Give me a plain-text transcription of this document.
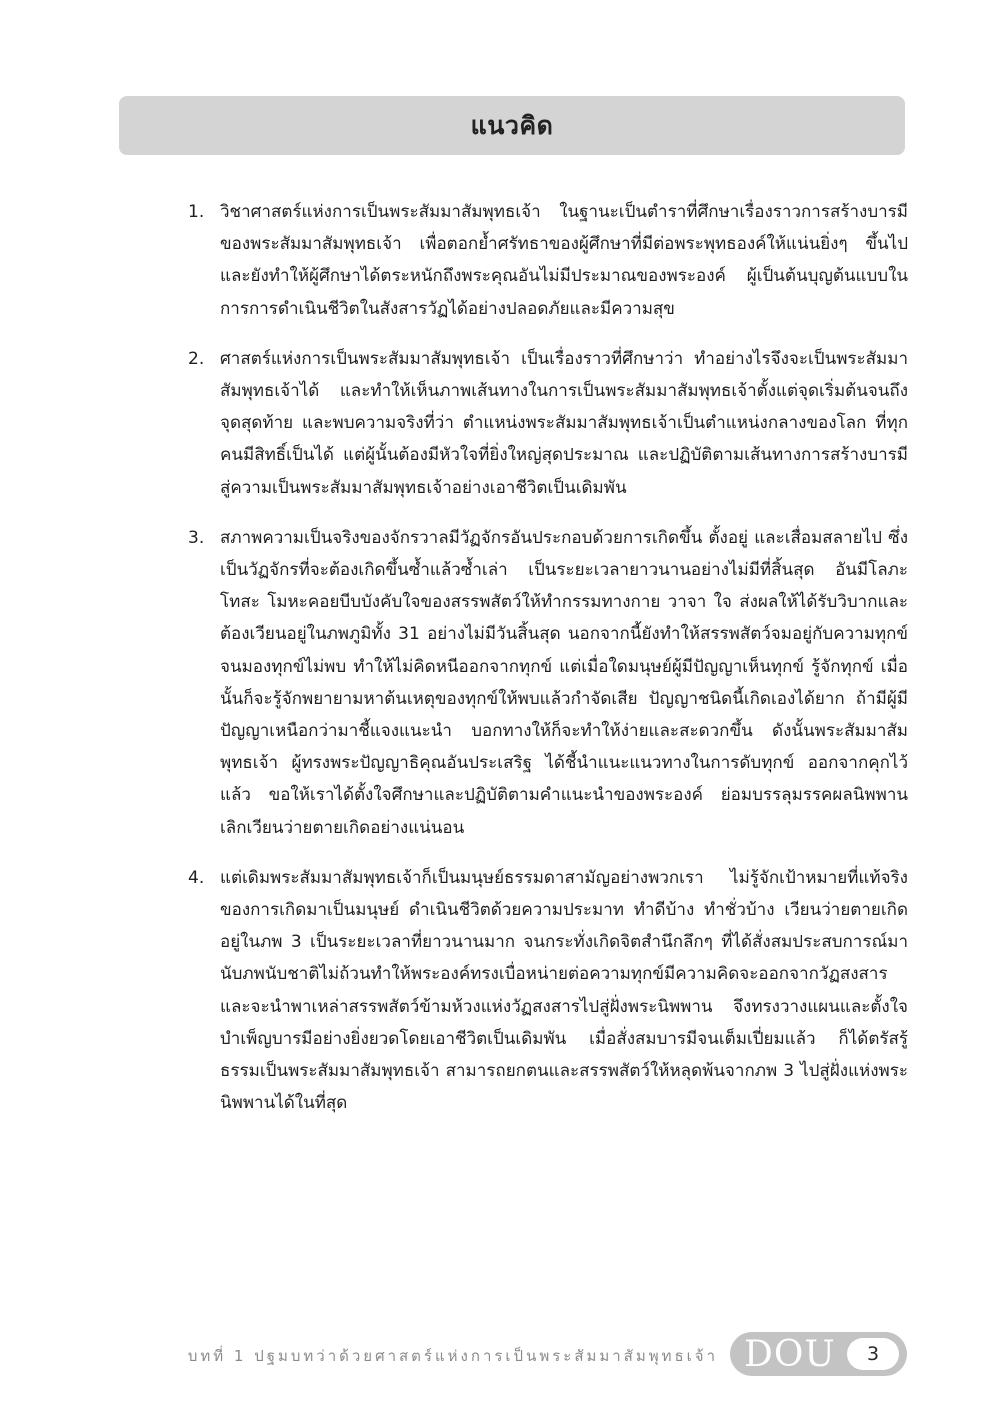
แนวคิด
1. วิชาศาสตร์แห่งการเป็นพระสัมมาสัมพุทธเจ้า ในฐานะเป็นตำราที่ศึกษาเรื่องราวการสร้างบารมีของพระสัมมาสัมพุทธเจ้า เพื่อตอกย้ำศรัทธาของผู้ศึกษาที่มีต่อพระพุทธองค์ให้แน่นยิ่งๆ ขึ้นไป และยังทำให้ผู้ศึกษาได้ตระหนักถึงพระคุณอันไม่มีประมาณของพระองค์ ผู้เป็นต้นบุญต้นแบบในการการดำเนินชีวิตในสังสารวัฏได้อย่างปลอดภัยและมีความสุข
2. ศาสตร์แห่งการเป็นพระสัมมาสัมพุทธเจ้า เป็นเรื่องราวที่ศึกษาว่า ทำอย่างไรจึงจะเป็นพระสัมมาสัมพุทธเจ้าได้ และทำให้เห็นภาพเส้นทางในการเป็นพระสัมมาสัมพุทธเจ้าตั้งแต่จุดเริ่มต้นจนถึงจุดสุดท้าย และพบความจริงที่ว่า ตำแหน่งพระสัมมาสัมพุทธเจ้าเป็นตำแหน่งกลางของโลก ที่ทุกคนมีสิทธิ์เป็นได้ แต่ผู้นั้นต้องมีหัวใจที่ยิ่งใหญ่สุดประมาณ และปฏิบัติตามเส้นทางการสร้างบารมีสู่ความเป็นพระสัมมาสัมพุทธเจ้าอย่างเอาชีวิตเป็นเดิมพัน
3. สภาพความเป็นจริงของจักรวาลมีวัฏจักรอันประกอบด้วยการเกิดขึ้น ตั้งอยู่ และเสื่อมสลายไป ซึ่งเป็นวัฏจักรที่จะต้องเกิดขึ้นซ้ำแล้วซ้ำเล่า เป็นระยะเวลายาวนานอย่างไม่มีที่สิ้นสุด อันมีโลภะ โทสะ โมหะคอยบีบบังคับใจของสรรพสัตว์ให้ทำกรรมทางกาย วาจา ใจ ส่งผลให้ได้รับวิบากและต้องเวียนอยู่ในภพภูมิทั้ง 31 อย่างไม่มีวันสิ้นสุด นอกจากนี้ยังทำให้สรรพสัตว์จมอยู่กับความทุกข์ จนมองทุกข์ไม่พบ ทำให้ไม่คิดหนีออกจากทุกข์ แต่เมื่อใดมนุษย์ผู้มีปัญญาเห็นทุกข์ รู้จักทุกข์ เมื่อนั้นก็จะรู้จักพยายามหาต้นเหตุของทุกข์ให้พบแล้วกำจัดเสีย ปัญญาชนิดนี้เกิดเองได้ยาก ถ้ามีผู้มีปัญญาเหนือกว่ามาชี้แจงแนะนำ บอกทางให้ก็จะทำให้ง่ายและสะดวกขึ้น ดังนั้นพระสัมมาสัมพุทธเจ้า ผู้ทรงพระปัญญาธิคุณอันประเสริฐ ได้ชี้นำแนะแนวทางในการดับทุกข์ ออกจากคุกไว้แล้ว ขอให้เราได้ตั้งใจศึกษาและปฏิบัติตามคำแนะนำของพระองค์ ย่อมบรรลุมรรคผลนิพพาน เลิกเวียนว่ายตายเกิดอย่างแน่นอน
4. แต่เดิมพระสัมมาสัมพุทธเจ้าก็เป็นมนุษย์ธรรมดาสามัญอย่างพวกเรา ไม่รู้จักเป้าหมายที่แท้จริงของการเกิดมาเป็นมนุษย์ ดำเนินชีวิตด้วยความประมาท ทำดีบ้าง ทำชั่วบ้าง เวียนว่ายตายเกิดอยู่ในภพ 3 เป็นระยะเวลาที่ยาวนานมาก จนกระทั่งเกิดจิตสำนึกลึกๆ ที่ได้สั่งสมประสบการณ์มานับภพนับชาติไม่ถ้วนทำให้พระองค์ทรงเบื่อหน่ายต่อความทุกข์มีความคิดจะออกจากวัฏสงสารและจะนำพาเหล่าสรรพสัตว์ข้ามห้วงแห่งวัฏสงสารไปสู่ฝั่งพระนิพพาน จึงทรงวางแผนและตั้งใจบำเพ็ญบารมีอย่างยิ่งยวดโดยเอาชีวิตเป็นเดิมพัน เมื่อสั่งสมบารมีจนเต็มเปี่ยมแล้ว ก็ได้ตรัสรู้ธรรมเป็นพระสัมมาสัมพุทธเจ้า สามารถยกตนและสรรพสัตว์ให้หลุดพ้นจากภพ 3 ไปสู่ฝั่งแห่งพระนิพพานได้ในที่สุด
บทที่ 1 ปฐมบทว่าด้วยศาสตร์แห่งการเป็นพระสัมมาสัมพุทธเจ้า DOU	3
